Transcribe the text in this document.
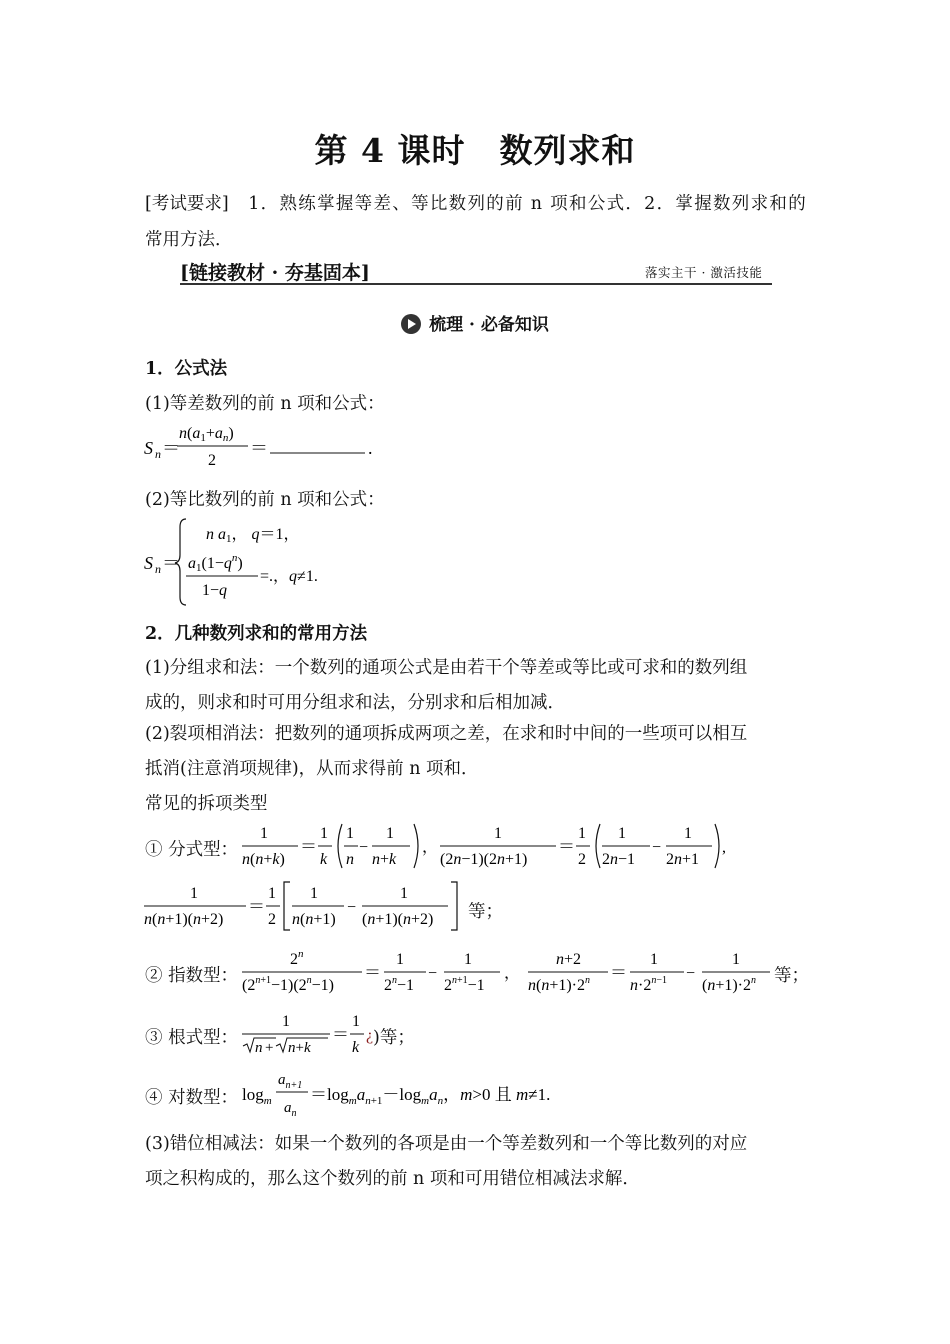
第 4 课时　数列求和
[考试要求] 1．熟练掌握等差、等比数列的前 n 项和公式．2．掌握数列求和的
常用方法．
[链接教材 · 夯基固本]	落实主干 · 激活技能
梳理 · 必备知识
1．公式法
(1)等差数列的前 n 项和公式：
S n ＝
n(a1+an)
2
＝	.
(2)等比数列的前 n 项和公式：
S n ＝
n a1， q＝1，
$a1(1-q^n)$
1−q
=.，q≠1.
2．几种数列求和的常用方法
(1)分组求和法：一个数列的通项公式是由若干个等差或等比或可求和的数列组
成的，则求和时可用分组求和法，分别求和后相加减．
(2)裂项相消法：把数列的通项拆成两项之差，在求和时中间的一些项可以相互
抵消(注意消项规律)，从而求得前 n 项和．
常见的拆项类型
① 分式型：
1
n(n+k)
＝
1
k
1
n
−
1
n+k
，
1
(2n−1)(2n+1)
＝
1
2
1
2n−1
−
1
2n+1
,
1
n(n+1)(n+2)
＝
1
2
1
n(n+1)
−
1
(n+1)(n+2) 等；
② 指数型：
2$^n$
$(2^{n+1}-1)(2^n-1)$
＝
1
$2^n-1$
−
1
$2^{n+1}-1$
，
n+2
$n(n+1)\cdot 2^n$ ＝
1
$n\cdot 2^{n-1}$ −
1
$(n+1)\cdot 2^n$ 等；
③ 根式型：
1
n + n+k
＝
1
k
¿ )等；
④ 对数型： $\log_m$
$a_{n+1}$
$a_n$
$=\log_ma_{n+1}-\log_ma_n$，m>0 且 m≠1.
(3)错位相减法：如果一个数列的各项是由一个等差数列和一个等比数列的对应
项之积构成的，那么这个数列的前 n 项和可用错位相减法求解．
